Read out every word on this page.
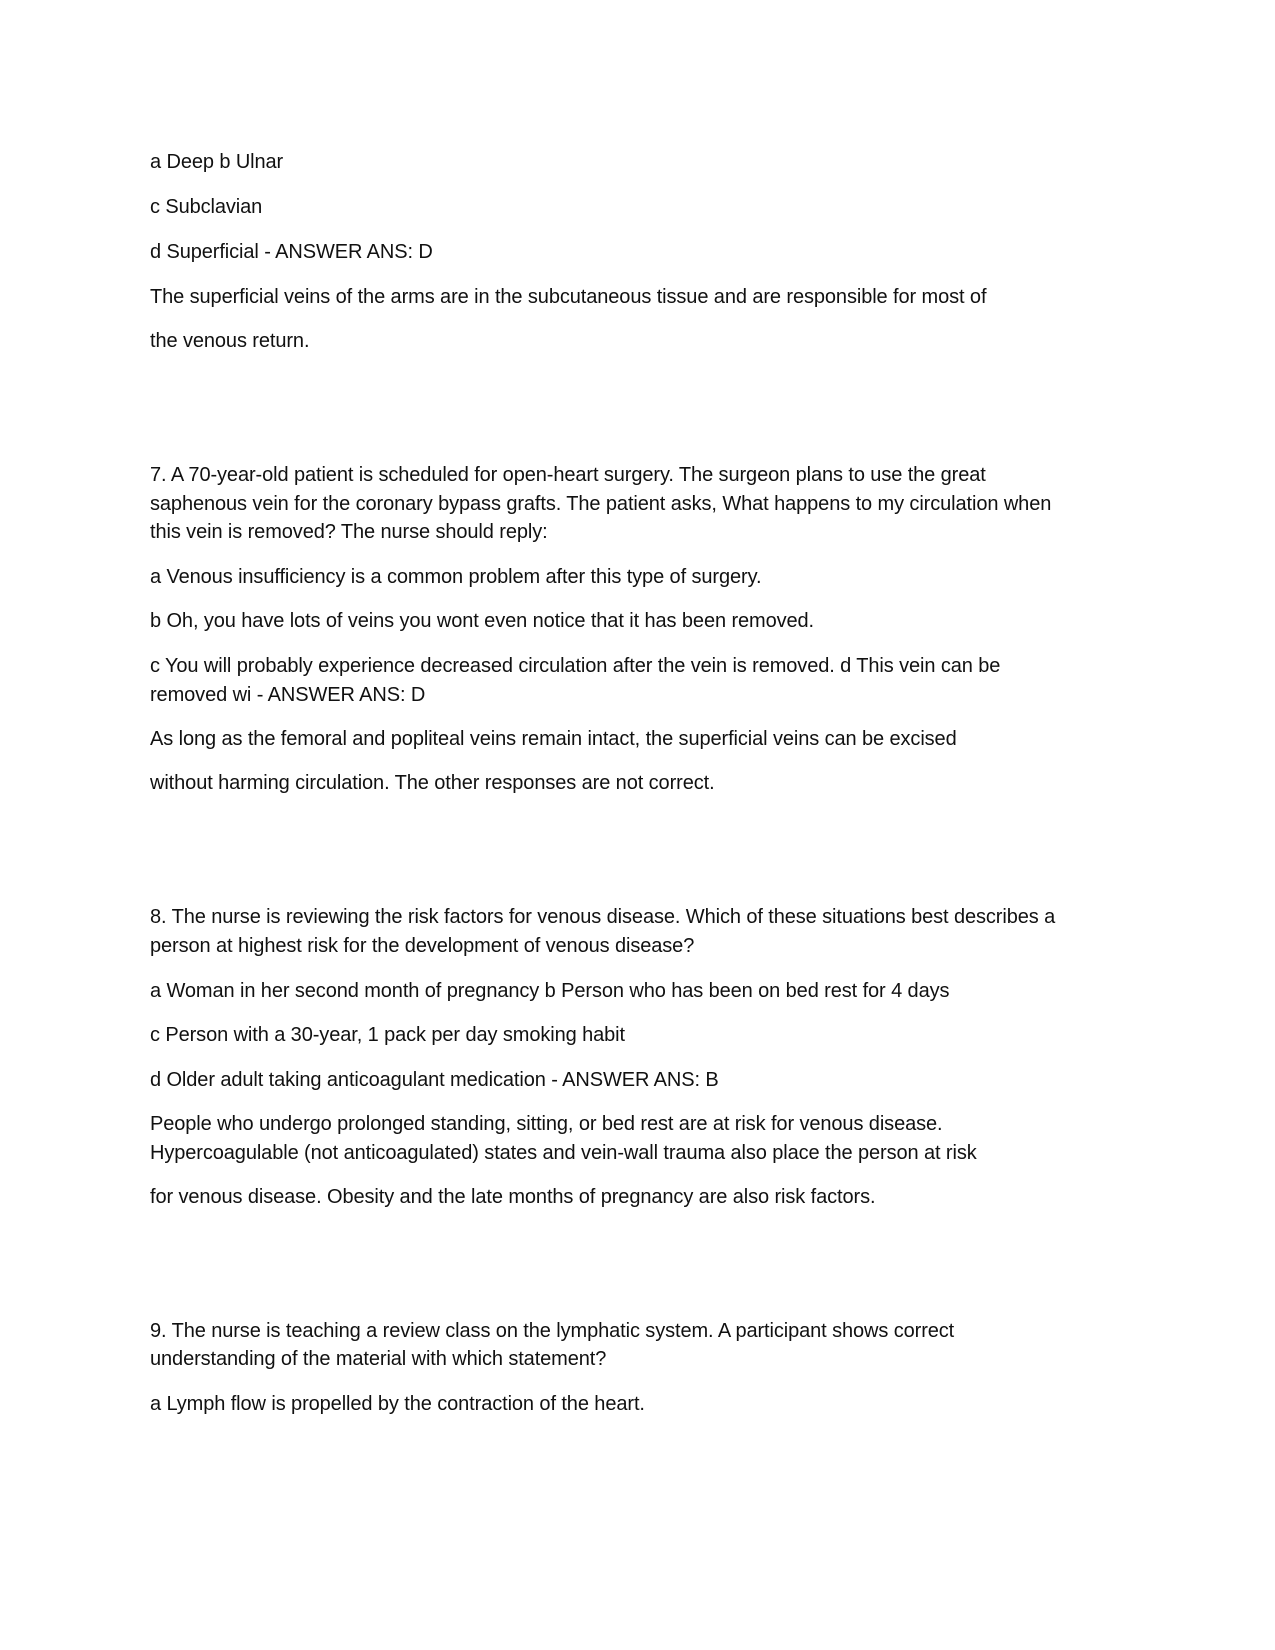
a Deep b Ulnar
c Subclavian
d Superficial - ANSWER ANS: D
The superficial veins of the arms are in the subcutaneous tissue and are responsible for most of
the venous return.
7. A 70-year-old patient is scheduled for open-heart surgery. The surgeon plans to use the great
saphenous vein for the coronary bypass grafts. The patient asks, What happens to my circulation when
this vein is removed? The nurse should reply:
a Venous insufficiency is a common problem after this type of surgery.
b Oh, you have lots of veins you wont even notice that it has been removed.
c You will probably experience decreased circulation after the vein is removed. d This vein can be
removed wi - ANSWER ANS: D
As long as the femoral and popliteal veins remain intact, the superficial veins can be excised
without harming circulation. The other responses are not correct.
8. The nurse is reviewing the risk factors for venous disease. Which of these situations best describes a
person at highest risk for the development of venous disease?
a Woman in her second month of pregnancy b Person who has been on bed rest for 4 days
c Person with a 30-year, 1 pack per day smoking habit
d Older adult taking anticoagulant medication - ANSWER ANS: B
People who undergo prolonged standing, sitting, or bed rest are at risk for venous disease.
Hypercoagulable (not anticoagulated) states and vein-wall trauma also place the person at risk
for venous disease. Obesity and the late months of pregnancy are also risk factors.
9. The nurse is teaching a review class on the lymphatic system. A participant shows correct
understanding of the material with which statement?
a Lymph flow is propelled by the contraction of the heart.
